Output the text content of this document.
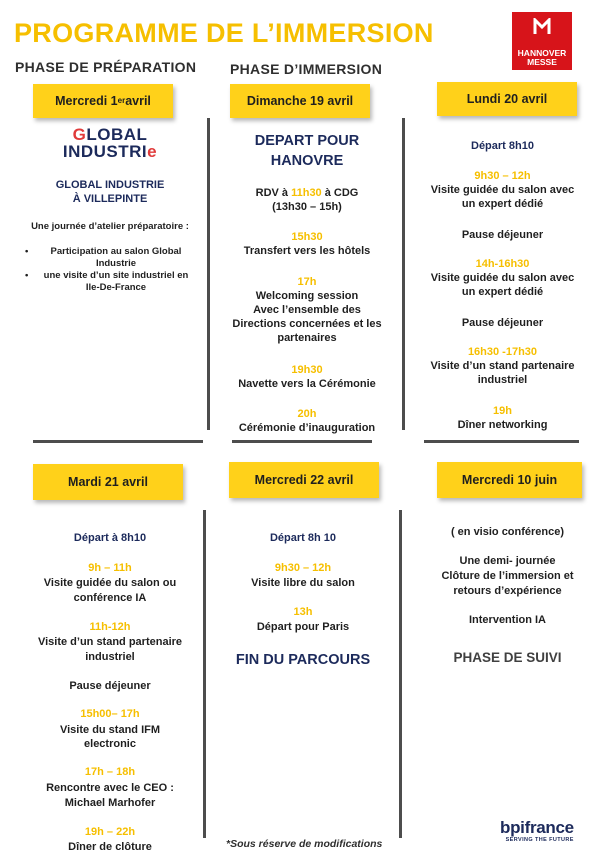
PROGRAMME DE L’IMMERSION
HANNOVER
MESSE
PHASE DE PRÉPARATION PHASE D’IMMERSION
Mercredi 1 er avril
GLOBAL
INDUSTRIe
GLOBAL INDUSTRIE
À VILLEPINTE
Une journée d’atelier préparatoire :
• Participation au salon Global
Industrie
• une visite d’un site industriel en
Ile-De-France
Dimanche 19 avril
DEPART POUR
HANOVRE
RDV à 11h30 à CDG
(13h30 – 15h)
15h30
Transfert vers les hôtels
17h
Welcoming session
Avec l’ensemble des
Directions concernées et les
partenaires
19h30
Navette vers la Cérémonie
20h
Cérémonie d’inauguration
Lundi 20 avril
Départ 8h10
9h30 – 12h
Visite guidée du salon avec
un expert dédié
Pause déjeuner
14h-16h30
Visite guidée du salon avec
un expert dédié
Pause déjeuner
16h30 -17h30
Visite d’un stand partenaire
industriel
19h
Dîner networking
Mardi 21 avril
Départ à 8h10
9h – 11h
Visite guidée du salon ou
conférence IA
11h-12h
Visite d’un stand partenaire
industriel
Pause déjeuner
15h00– 17h
Visite du stand IFM
electronic
17h – 18h
Rencontre avec le CEO :
Michael Marhofer
19h – 22h
Dîner de clôture
Mercredi 22 avril
Départ 8h 10
9h30 – 12h
Visite libre du salon
13h
Départ pour Paris
FIN DU PARCOURS
Mercredi 10 juin
( en visio conférence)
Une demi- journée
Clôture de l’immersion et
retours d’expérience
Intervention IA
PHASE DE SUIVI
*Sous réserve de modifications
bpifrance
SERVING THE FUTURE
